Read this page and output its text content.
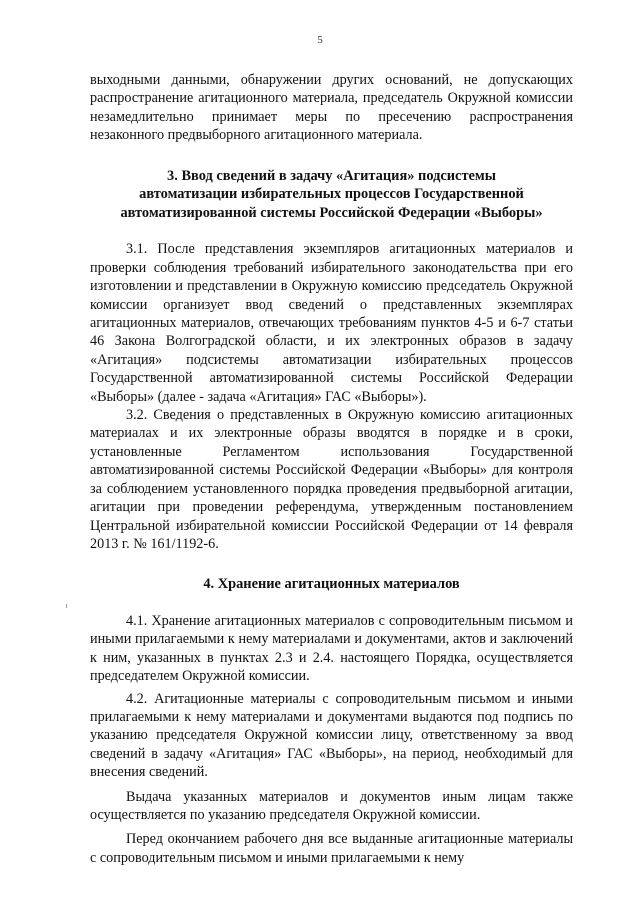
5

выходными данными, обнаружении других оснований, не допускающих распространение агитационного материала, председатель Окружной комиссии незамедлительно принимает меры по пресечению распространения незаконного предвыборного агитационного материала.

3. Ввод сведений в задачу «Агитация» подсистемы
автоматизации избирательных процессов Государственной
автоматизированной системы Российской Федерации «Выборы»

3.1. После представления экземпляров агитационных материалов и проверки соблюдения требований избирательного законодательства при его изготовлении и представлении в Окружную комиссию председатель Окружной комиссии организует ввод сведений о представленных экземплярах агитационных материалов, отвечающих требованиям пунктов 4-5 и 6-7 статьи 46 Закона Волгоградской области, и их электронных образов в задачу «Агитация» подсистемы автоматизации избирательных процессов Государственной автоматизированной системы Российской Федерации «Выборы» (далее - задача «Агитация» ГАС «Выборы»).

3.2. Сведения о представленных в Окружную комиссию агитационных материалах и их электронные образы вводятся в порядке и в сроки, установленные Регламентом использования Государственной автоматизированной системы Российской Федерации «Выборы» для контроля за соблюдением установленного порядка проведения предвыборной агитации, агитации при проведении референдума, утвержденным постановлением Центральной избирательной комиссии Российской Федерации от 14 февраля 2013 г. № 161/1192-6.

4. Хранение агитационных материалов

4.1. Хранение агитационных материалов с сопроводительным письмом и иными прилагаемыми к нему материалами и документами, актов и заключений к ним, указанных в пунктах 2.3 и 2.4. настоящего Порядка, осуществляется председателем Окружной комиссии.

4.2. Агитационные материалы с сопроводительным письмом и иными прилагаемыми к нему материалами и документами выдаются под подпись по указанию председателя Окружной комиссии лицу, ответственному за ввод сведений в задачу «Агитация» ГАС «Выборы», на период, необходимый для внесения сведений.

Выдача указанных материалов и документов иным лицам также осуществляется по указанию председателя Окружной комиссии.

Перед окончанием рабочего дня все выданные агитационные материалы с сопроводительным письмом и иными прилагаемыми к нему
